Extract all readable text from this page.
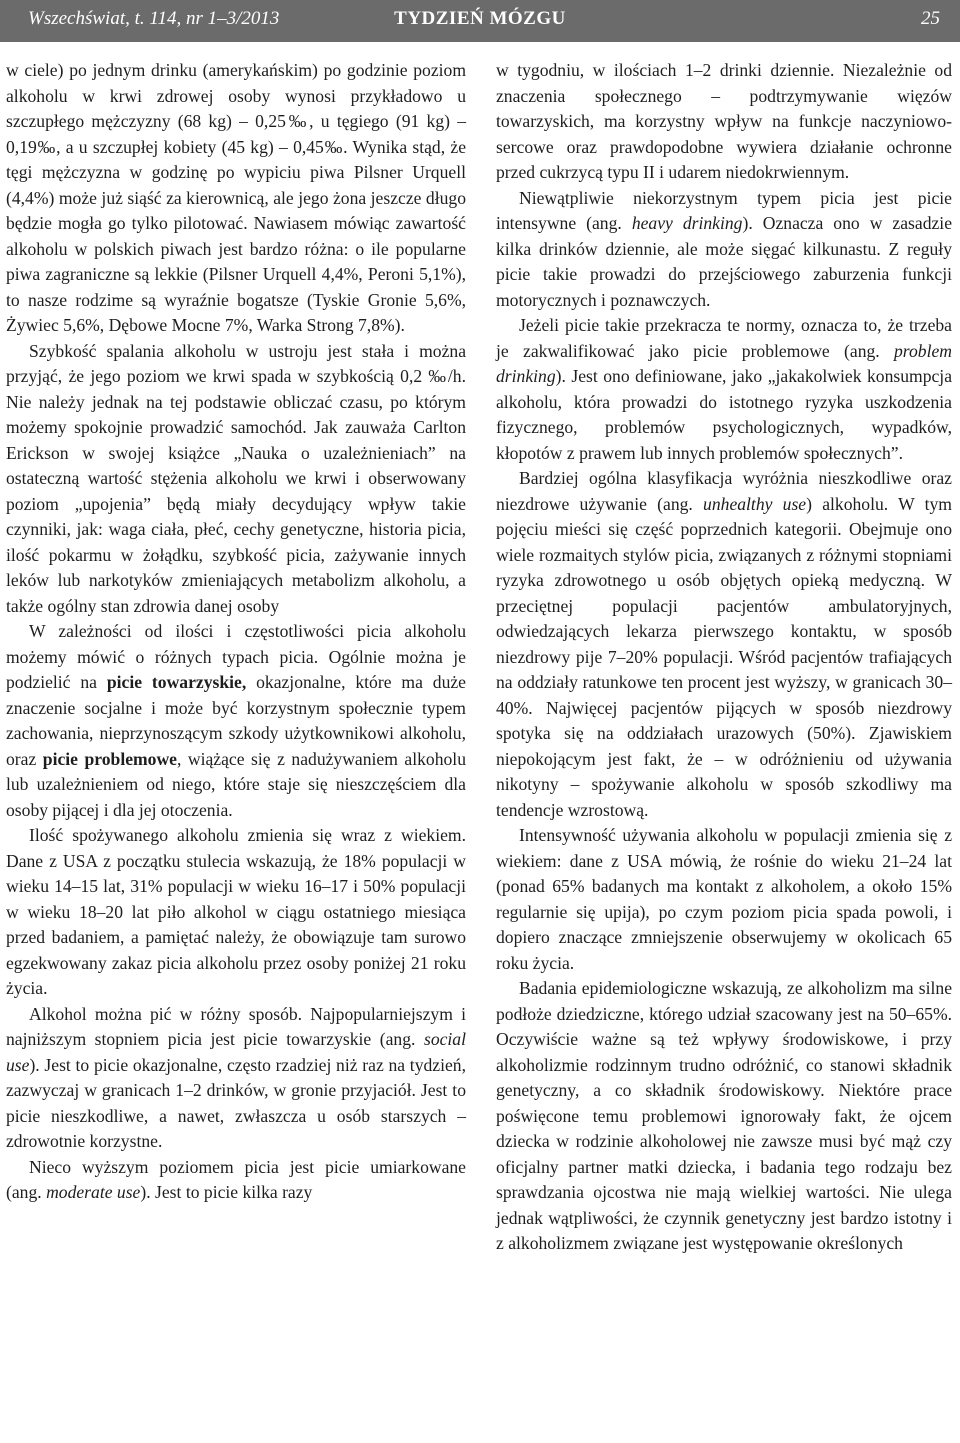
Wszechświat, t. 114, nr 1–3/2013	TYDZIEŃ MÓZGU	25

w ciele) po jednym drinku (amerykańskim) po godzinie poziom alkoholu w krwi zdrowej osoby wynosi przykładowo u szczupłego mężczyzny (68 kg) – 0,25‰, u tęgiego (91 kg) – 0,19‰, a u szczupłej kobiety (45 kg) – 0,45‰. Wynika stąd, że tęgi mężczyzna w godzinę po wypiciu piwa Pilsner Urquell (4,4%) może już siąść za kierownicą, ale jego żona jeszcze długo będzie mogła go tylko pilotować. Nawiasem mówiąc zawartość alkoholu w polskich piwach jest bardzo różna: o ile popularne piwa zagraniczne są lekkie (Pilsner Urquell 4,4%, Peroni 5,1%), to nasze rodzime są wyraźnie bogatsze (Tyskie Gronie 5,6%, Żywiec 5,6%, Dębowe Mocne 7%, Warka Strong 7,8%).

Szybkość spalania alkoholu w ustroju jest stała i można przyjąć, że jego poziom we krwi spada w szybkością 0,2 ‰/h. Nie należy jednak na tej podstawie obliczać czasu, po którym możemy spokojnie prowadzić samochód. Jak zauważa Carlton Erickson w swojej książce „Nauka o uzależnieniach” na ostateczną wartość stężenia alkoholu we krwi i obserwowany poziom „upojenia” będą miały decydujący wpływ takie czynniki, jak: waga ciała, płeć, cechy genetyczne, historia picia, ilość pokarmu w żołądku, szybkość picia, zażywanie innych leków lub narkotyków zmieniających metabolizm alkoholu, a także ogólny stan zdrowia danej osoby

W zależności od ilości i częstotliwości picia alkoholu możemy mówić o różnych typach picia. Ogólnie można je podzielić na picie towarzyskie, okazjonalne, które ma duże znaczenie socjalne i może być korzystnym społecznie typem zachowania, nieprzynoszącym szkody użytkownikowi alkoholu, oraz picie problemowe, wiążące się z nadużywaniem alkoholu lub uzależnieniem od niego, które staje się nieszczęściem dla osoby pijącej i dla jej otoczenia.

Ilość spożywanego alkoholu zmienia się wraz z wiekiem. Dane z USA z początku stulecia wskazują, że 18% populacji w wieku 14–15 lat, 31% populacji w wieku 16–17 i 50% populacji w wieku 18–20 lat piło alkohol w ciągu ostatniego miesiąca przed badaniem, a pamiętać należy, że obowiązuje tam surowo egzekwowany zakaz picia alkoholu przez osoby poniżej 21 roku życia.

Alkohol można pić w różny sposób. Najpopularniejszym i najniższym stopniem picia jest picie towarzyskie (ang. social use). Jest to picie okazjonalne, często rzadziej niż raz na tydzień, zazwyczaj w granicach 1–2 drinków, w gronie przyjaciół. Jest to picie nieszkodliwe, a nawet, zwłaszcza u osób starszych – zdrowotnie korzystne.

Nieco wyższym poziomem picia jest picie umiarkowane (ang. moderate use). Jest to picie kilka razy

w tygodniu, w ilościach 1–2 drinki dziennie. Niezależnie od znaczenia społecznego – podtrzymywanie więzów towarzyskich, ma korzystny wpływ na funkcje naczyniowo-sercowe oraz prawdopodobne wywiera działanie ochronne przed cukrzycą typu II i udarem niedokrwiennym.

Niewątpliwie niekorzystnym typem picia jest picie intensywne (ang. heavy drinking). Oznacza ono w zasadzie kilka drinków dziennie, ale może sięgać kilkunastu. Z reguły picie takie prowadzi do przejściowego zaburzenia funkcji motorycznych i poznawczych.

Jeżeli picie takie przekracza te normy, oznacza to, że trzeba je zakwalifikować jako picie problemowe (ang. problem drinking). Jest ono definiowane, jako „jakakolwiek konsumpcja alkoholu, która prowadzi do istotnego ryzyka uszkodzenia fizycznego, problemów psychologicznych, wypadków, kłopotów z prawem lub innych problemów społecznych”.

Bardziej ogólna klasyfikacja wyróżnia nieszkodliwe oraz niezdrowe używanie (ang. unhealthy use) alkoholu. W tym pojęciu mieści się część poprzednich kategorii. Obejmuje ono wiele rozmaitych stylów picia, związanych z różnymi stopniami ryzyka zdrowotnego u osób objętych opieką medyczną. W przeciętnej populacji pacjentów ambulatoryjnych, odwiedzających lekarza pierwszego kontaktu, w sposób niezdrowy pije 7–20% populacji. Wśród pacjentów trafiających na oddziały ratunkowe ten procent jest wyższy, w granicach 30–40%. Najwięcej pacjentów pijących w sposób niezdrowy spotyka się na oddziałach urazowych (50%). Zjawiskiem niepokojącym jest fakt, że – w odróżnieniu od używania nikotyny – spożywanie alkoholu w sposób szkodliwy ma tendencje wzrostową.

Intensywność używania alkoholu w populacji zmienia się z wiekiem: dane z USA mówią, że rośnie do wieku 21–24 lat (ponad 65% badanych ma kontakt z alkoholem, a około 15% regularnie się upija), po czym poziom picia spada powoli, i dopiero znaczące zmniejszenie obserwujemy w okolicach 65 roku życia.

Badania epidemiologiczne wskazują, ze alkoholizm ma silne podłoże dziedziczne, którego udział szacowany jest na 50–65%. Oczywiście ważne są też wpływy środowiskowe, i przy alkoholizmie rodzinnym trudno odróżnić, co stanowi składnik genetyczny, a co składnik środowiskowy. Niektóre prace poświęcone temu problemowi ignorowały fakt, że ojcem dziecka w rodzinie alkoholowej nie zawsze musi być mąż czy oficjalny partner matki dziecka, i badania tego rodzaju bez sprawdzania ojcostwa nie mają wielkiej wartości. Nie ulega jednak wątpliwości, że czynnik genetyczny jest bardzo istotny i z alkoholizmem związane jest występowanie określonych
